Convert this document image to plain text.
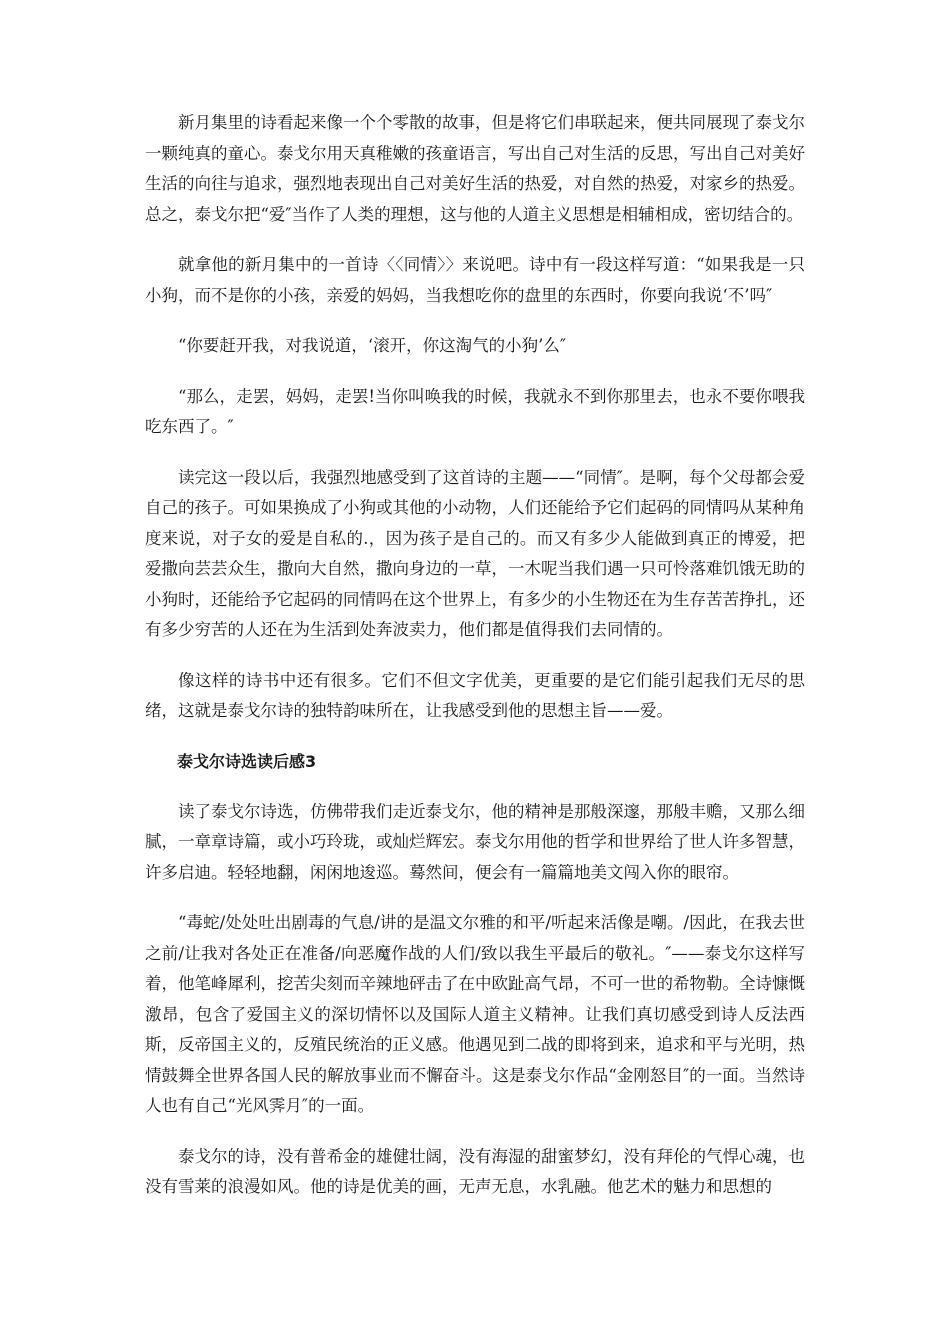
新月集里的诗看起来像一个个零散的故事，但是将它们串联起来，便共同展现了泰戈尔一颗纯真的童心。泰戈尔用天真稚嫩的孩童语言，写出自己对生活的反思，写出自己对美好生活的向往与追求，强烈地表现出自己对美好生活的热爱，对自然的热爱，对家乡的热爱。总之，泰戈尔把“爱″当作了人类的理想，这与他的人道主义思想是相辅相成，密切结合的。

就拿他的新月集中的一首诗〈〈同情〉〉来说吧。诗中有一段这样写道：“如果我是一只小狗，而不是你的小孩，亲爱的妈妈，当我想吃你的盘里的东西时，你要向我说‘不’吗″

“你要赶开我，对我说道，‘滚开，你这淘气的小狗’么″

“那么，走罢，妈妈，走罢!当你叫唤我的时候，我就永不到你那里去，也永不要你喂我吃东西了。″

读完这一段以后，我强烈地感受到了这首诗的主题——“同情″。是啊，每个父母都会爱自己的孩子。可如果换成了小狗或其他的小动物，人们还能给予它们起码的同情吗从某种角度来说，对子女的爱是自私的.，因为孩子是自己的。而又有多少人能做到真正的博爱，把爱撒向芸芸众生，撒向大自然，撒向身边的一草，一木呢当我们遇一只可怜落难饥饿无助的小狗时，还能给予它起码的同情吗在这个世界上，有多少的小生物还在为生存苦苦挣扎，还有多少穷苦的人还在为生活到处奔波卖力，他们都是值得我们去同情的。

像这样的诗书中还有很多。它们不但文字优美，更重要的是它们能引起我们无尽的思绪，这就是泰戈尔诗的独特韵味所在，让我感受到他的思想主旨——爱。

泰戈尔诗选读后感3

读了泰戈尔诗选，仿佛带我们走近泰戈尔，他的精神是那般深邃，那般丰赡，又那么细腻，一章章诗篇，或小巧玲珑，或灿烂辉宏。泰戈尔用他的哲学和世界给了世人许多智慧，许多启迪。轻轻地翻，闲闲地逡巡。蓦然间，便会有一篇篇地美文闯入你的眼帘。

“毒蛇/处处吐出剧毒的气息/讲的是温文尔雅的和平/听起来活像是嘲。/因此，在我去世之前/让我对各处正在准备/向恶魔作战的人们/致以我生平最后的敬礼。″——泰戈尔这样写着，他笔峰犀利，挖苦尖刻而辛辣地砰击了在中欧趾高气昂，不可一世的希物勒。全诗慷慨激昂，包含了爱国主义的深切情怀以及国际人道主义精神。让我们真切感受到诗人反法西斯，反帝国主义的，反殖民统治的正义感。他遇见到二战的即将到来，追求和平与光明，热情鼓舞全世界各国人民的解放事业而不懈奋斗。这是泰戈尔作品“金刚怒目″的一面。当然诗人也有自己“光风霁月″的一面。

泰戈尔的诗，没有普希金的雄健壮阔，没有海湿的甜蜜梦幻，没有拜伦的气悍心魂，也没有雪莱的浪漫如风。他的诗是优美的画，无声无息，水乳融。他艺术的魅力和思想的
